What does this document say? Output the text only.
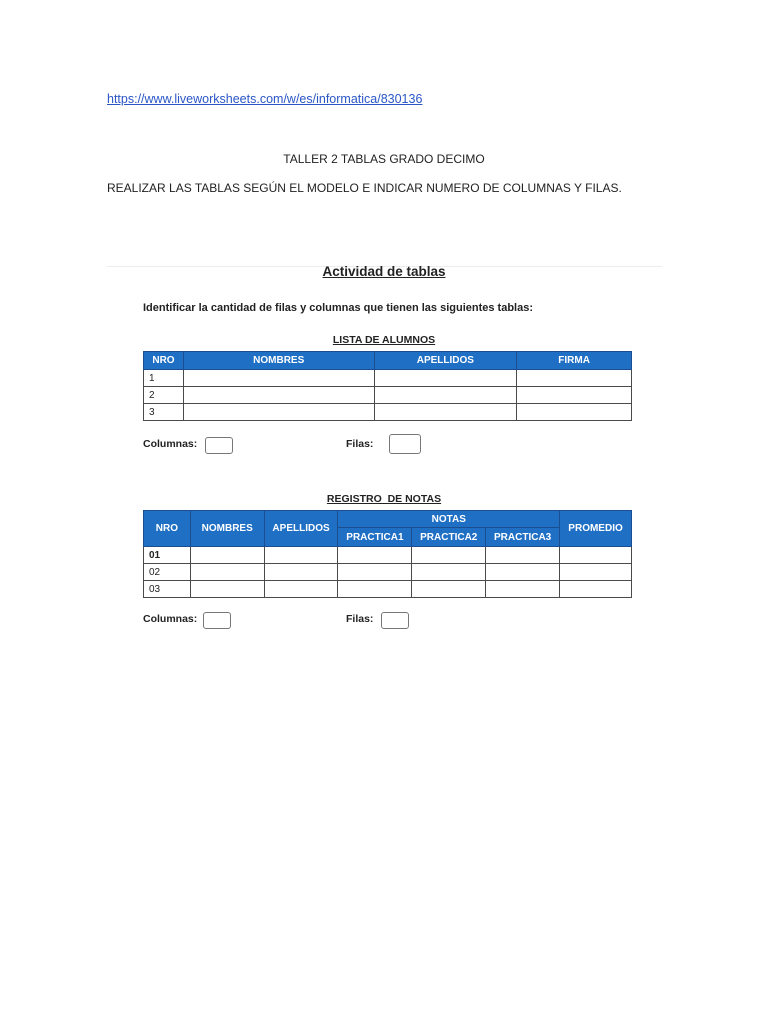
https://www.liveworksheets.com/w/es/informatica/830136
TALLER 2 TABLAS GRADO DECIMO
REALIZAR LAS TABLAS SEGÚN EL MODELO E INDICAR NUMERO DE COLUMNAS Y FILAS.
Actividad de tablas
Identificar la cantidad de filas y columnas que tienen las siguientes tablas:
LISTA DE ALUMNOS
NRO	NOMBRES	APELLIDOS	FIRMA
1			
2			
3			
Columnas:	Filas:
REGISTRO  DE NOTAS
NRO	NOMBRES	APELLIDOS	NOTAS			PROMEDIO
			PRACTICA1	PRACTICA2	PRACTICA3	
01						
02						
03						
Columnas:	Filas:
